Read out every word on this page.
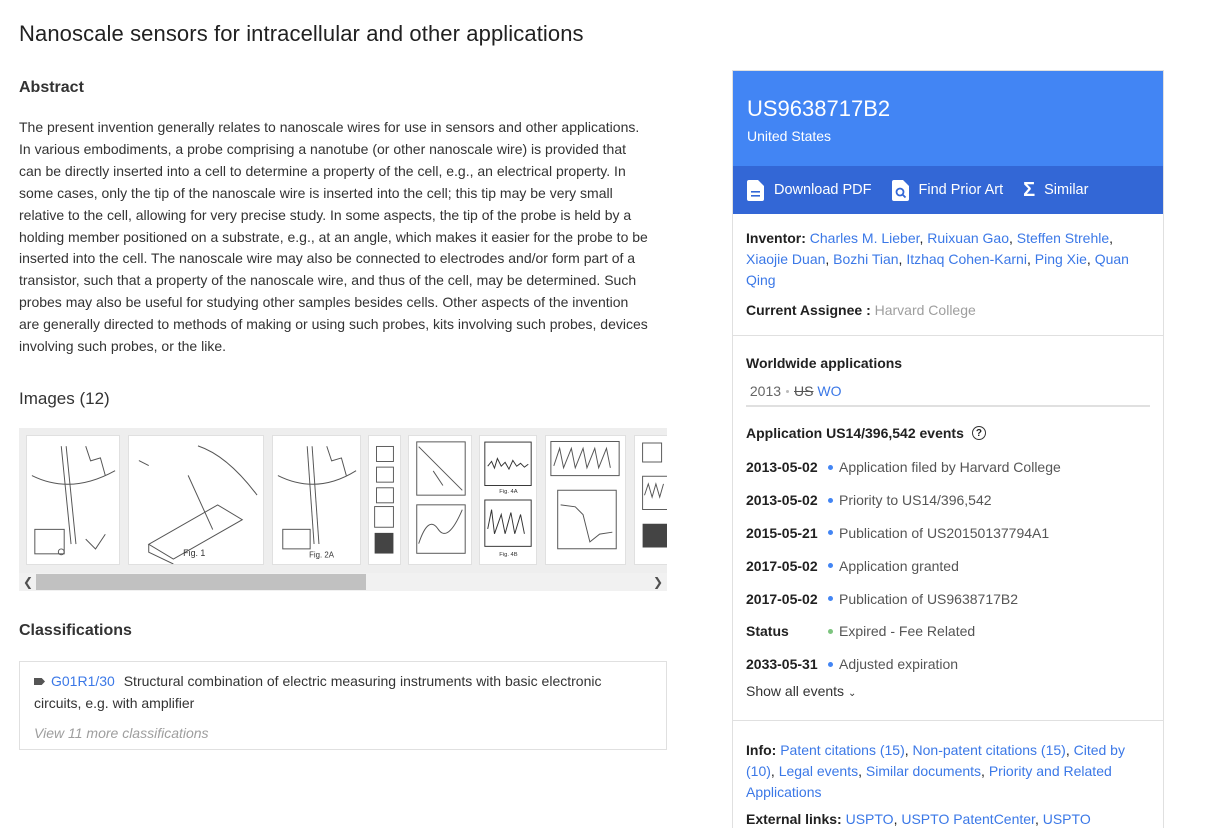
Nanoscale sensors for intracellular and other applications
Abstract
The present invention generally relates to nanoscale wires for use in sensors and other applications. In various embodiments, a probe comprising a nanotube (or other nanoscale wire) is provided that can be directly inserted into a cell to determine a property of the cell, e.g., an electrical property. In some cases, only the tip of the nanoscale wire is inserted into the cell; this tip may be very small relative to the cell, allowing for very precise study. In some aspects, the tip of the probe is held by a holding member positioned on a substrate, e.g., at an angle, which makes it easier for the probe to be inserted into the cell. The nanoscale wire may also be connected to electrodes and/or form part of a transistor, such that a property of the nanoscale wire, and thus of the cell, may be determined. Such probes may also be useful for studying other samples besides cells. Other aspects of the invention are generally directed to methods of making or using such probes, kits involving such probes, devices involving such probes, or the like.
Images (12)
Fig. 1	Fig. 2A
Fig. 4A
Fig. 4B
❮	❯
Classifications
G01R1/30 Structural combination of electric measuring instruments with basic electronic circuits, e.g. with amplifier
View 11 more classifications
US9638717B2
United States
Download PDF	Find Prior Art Σ Similar
Inventor: Charles M. Lieber, Ruixuan Gao, Steffen Strehle, Xiaojie Duan, Bozhi Tian, Itzhaq Cohen-Karni, Ping Xie, Quan Qing
Current Assignee : Harvard College
Worldwide applications
2013 US WO
Application US14/396,542 events	?
2013-05-02	Application filed by Harvard College
2013-05-02	Priority to US14/396,542
2015-05-21	Publication of US20150137794A1
2017-05-02	Application granted
2017-05-02	Publication of US9638717B2
Status	Expired - Fee Related
2033-05-31	Adjusted expiration
Show all events ⌄
Info: Patent citations (15), Non-patent citations (15), Cited by (10), Legal events, Similar documents, Priority and Related Applications
External links: USPTO, USPTO PatentCenter, USPTO
